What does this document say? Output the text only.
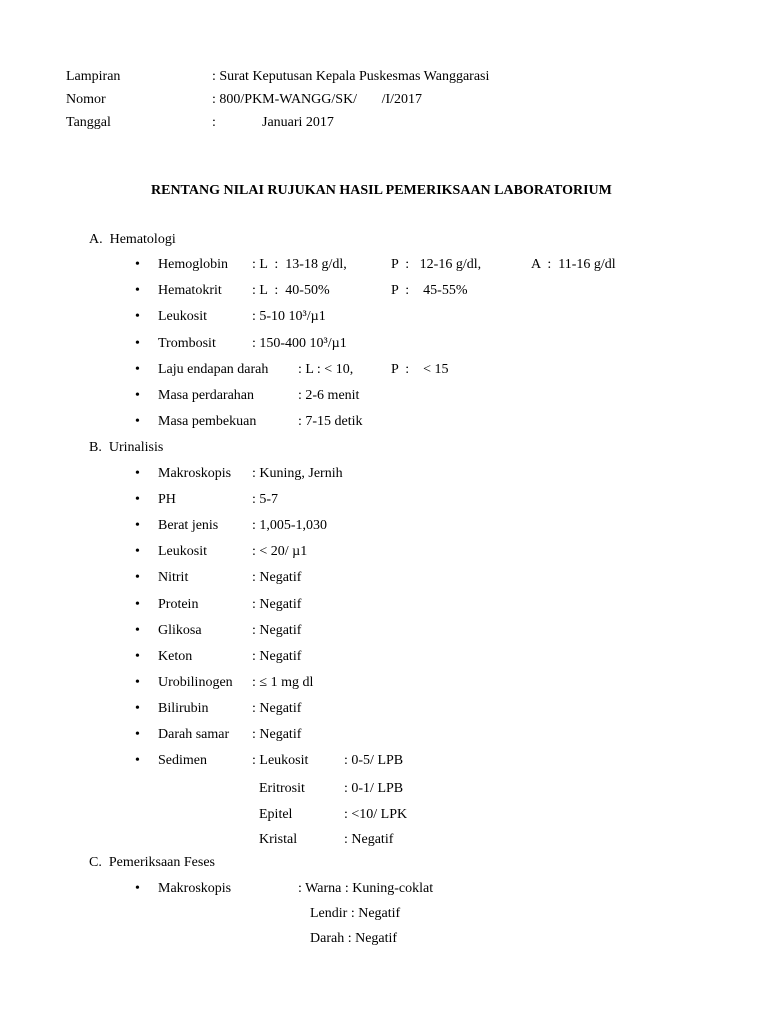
Lampiran	: Surat Keputusan Kepala Puskesmas Wanggarasi
Nomor	: 800/PKM-WANGG/SK/       /I/2017
Tanggal	:	Januari 2017
RENTANG NILAI RUJUKAN HASIL PEMERIKSAAN LABORATORIUM
A.  Hematologi
• Hemoglobin : L  :  13-18 g/dl,	P  :   12-16 g/dl,	A  :  11-16 g/dl
• Hematokrit : L  :  40-50%	P  :    45-55%
• Leukosit	: 5-10 10³/µ1
• Trombosit	: 150-400 10³/µ1
• Laju endapan darah : L : < 10,	P  :    < 15
• Masa perdarahan	: 2-6 menit
• Masa pembekuan	: 7-15 detik
B.  Urinalisis
• Makroskopis : Kuning, Jernih
• PH	: 5-7
• Berat jenis : 1,005-1,030
• Leukosit	: < 20/ µ1
• Nitrit	: Negatif
• Protein	: Negatif
• Glikosa	: Negatif
• Keton	: Negatif
• Urobilinogen : ≤ 1 mg dl
• Bilirubin	: Negatif
• Darah samar : Negatif
• Sedimen	: Leukosit	: 0-5/ LPB
Eritrosit	: 0-1/ LPB
Epitel	: <10/ LPK
Kristal	: Negatif
C.  Pemeriksaan Feses
• Makroskopis	: Warna : Kuning-coklat
Lendir : Negatif
Darah : Negatif
